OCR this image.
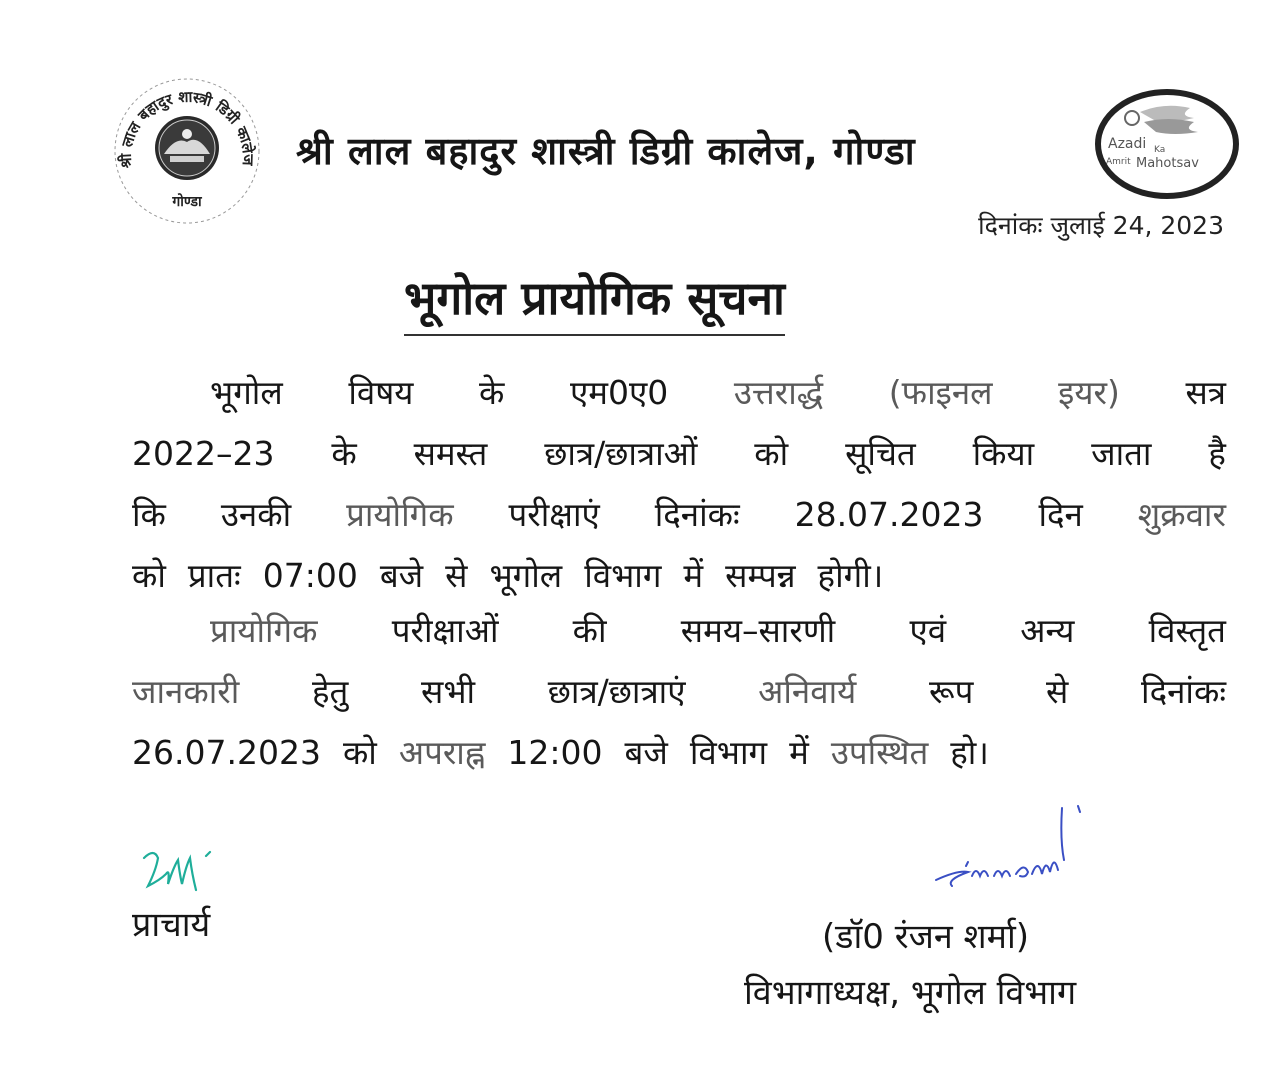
श्री लाल बहादुर शास्त्री डिग्री कालेज
गोण्डा
श्री लाल बहादुर शास्त्री डिग्री कालेज, गोण्डा	Azadi Ka
Amrit Mahotsav
दिनांकः जुलाई 24, 2023
भूगोल प्रायोगिक सूचना
भूगोल विषय के एम0ए0 उत्तरार्द्ध (फाइनल इयर) सत्र
2022–23 के समस्त छात्र/छात्राओं को सूचित किया जाता है
कि उनकी प्रायोगिक परीक्षाएं दिनांकः 28.07.2023 दिन शुक्रवार
को प्रातः 07:00 बजे से भूगोल विभाग में सम्पन्न होगी।
प्रायोगिक परीक्षाओं की समय–सारणी एवं अन्य विस्तृत
जानकारी हेतु सभी छात्र/छात्राएं अनिवार्य रूप से दिनांकः
26.07.2023 को अपराह्न 12:00 बजे विभाग में उपस्थित हो।
प्राचार्य	(डॉ0 रंजन शर्मा)
विभागाध्यक्ष, भूगोल विभाग
